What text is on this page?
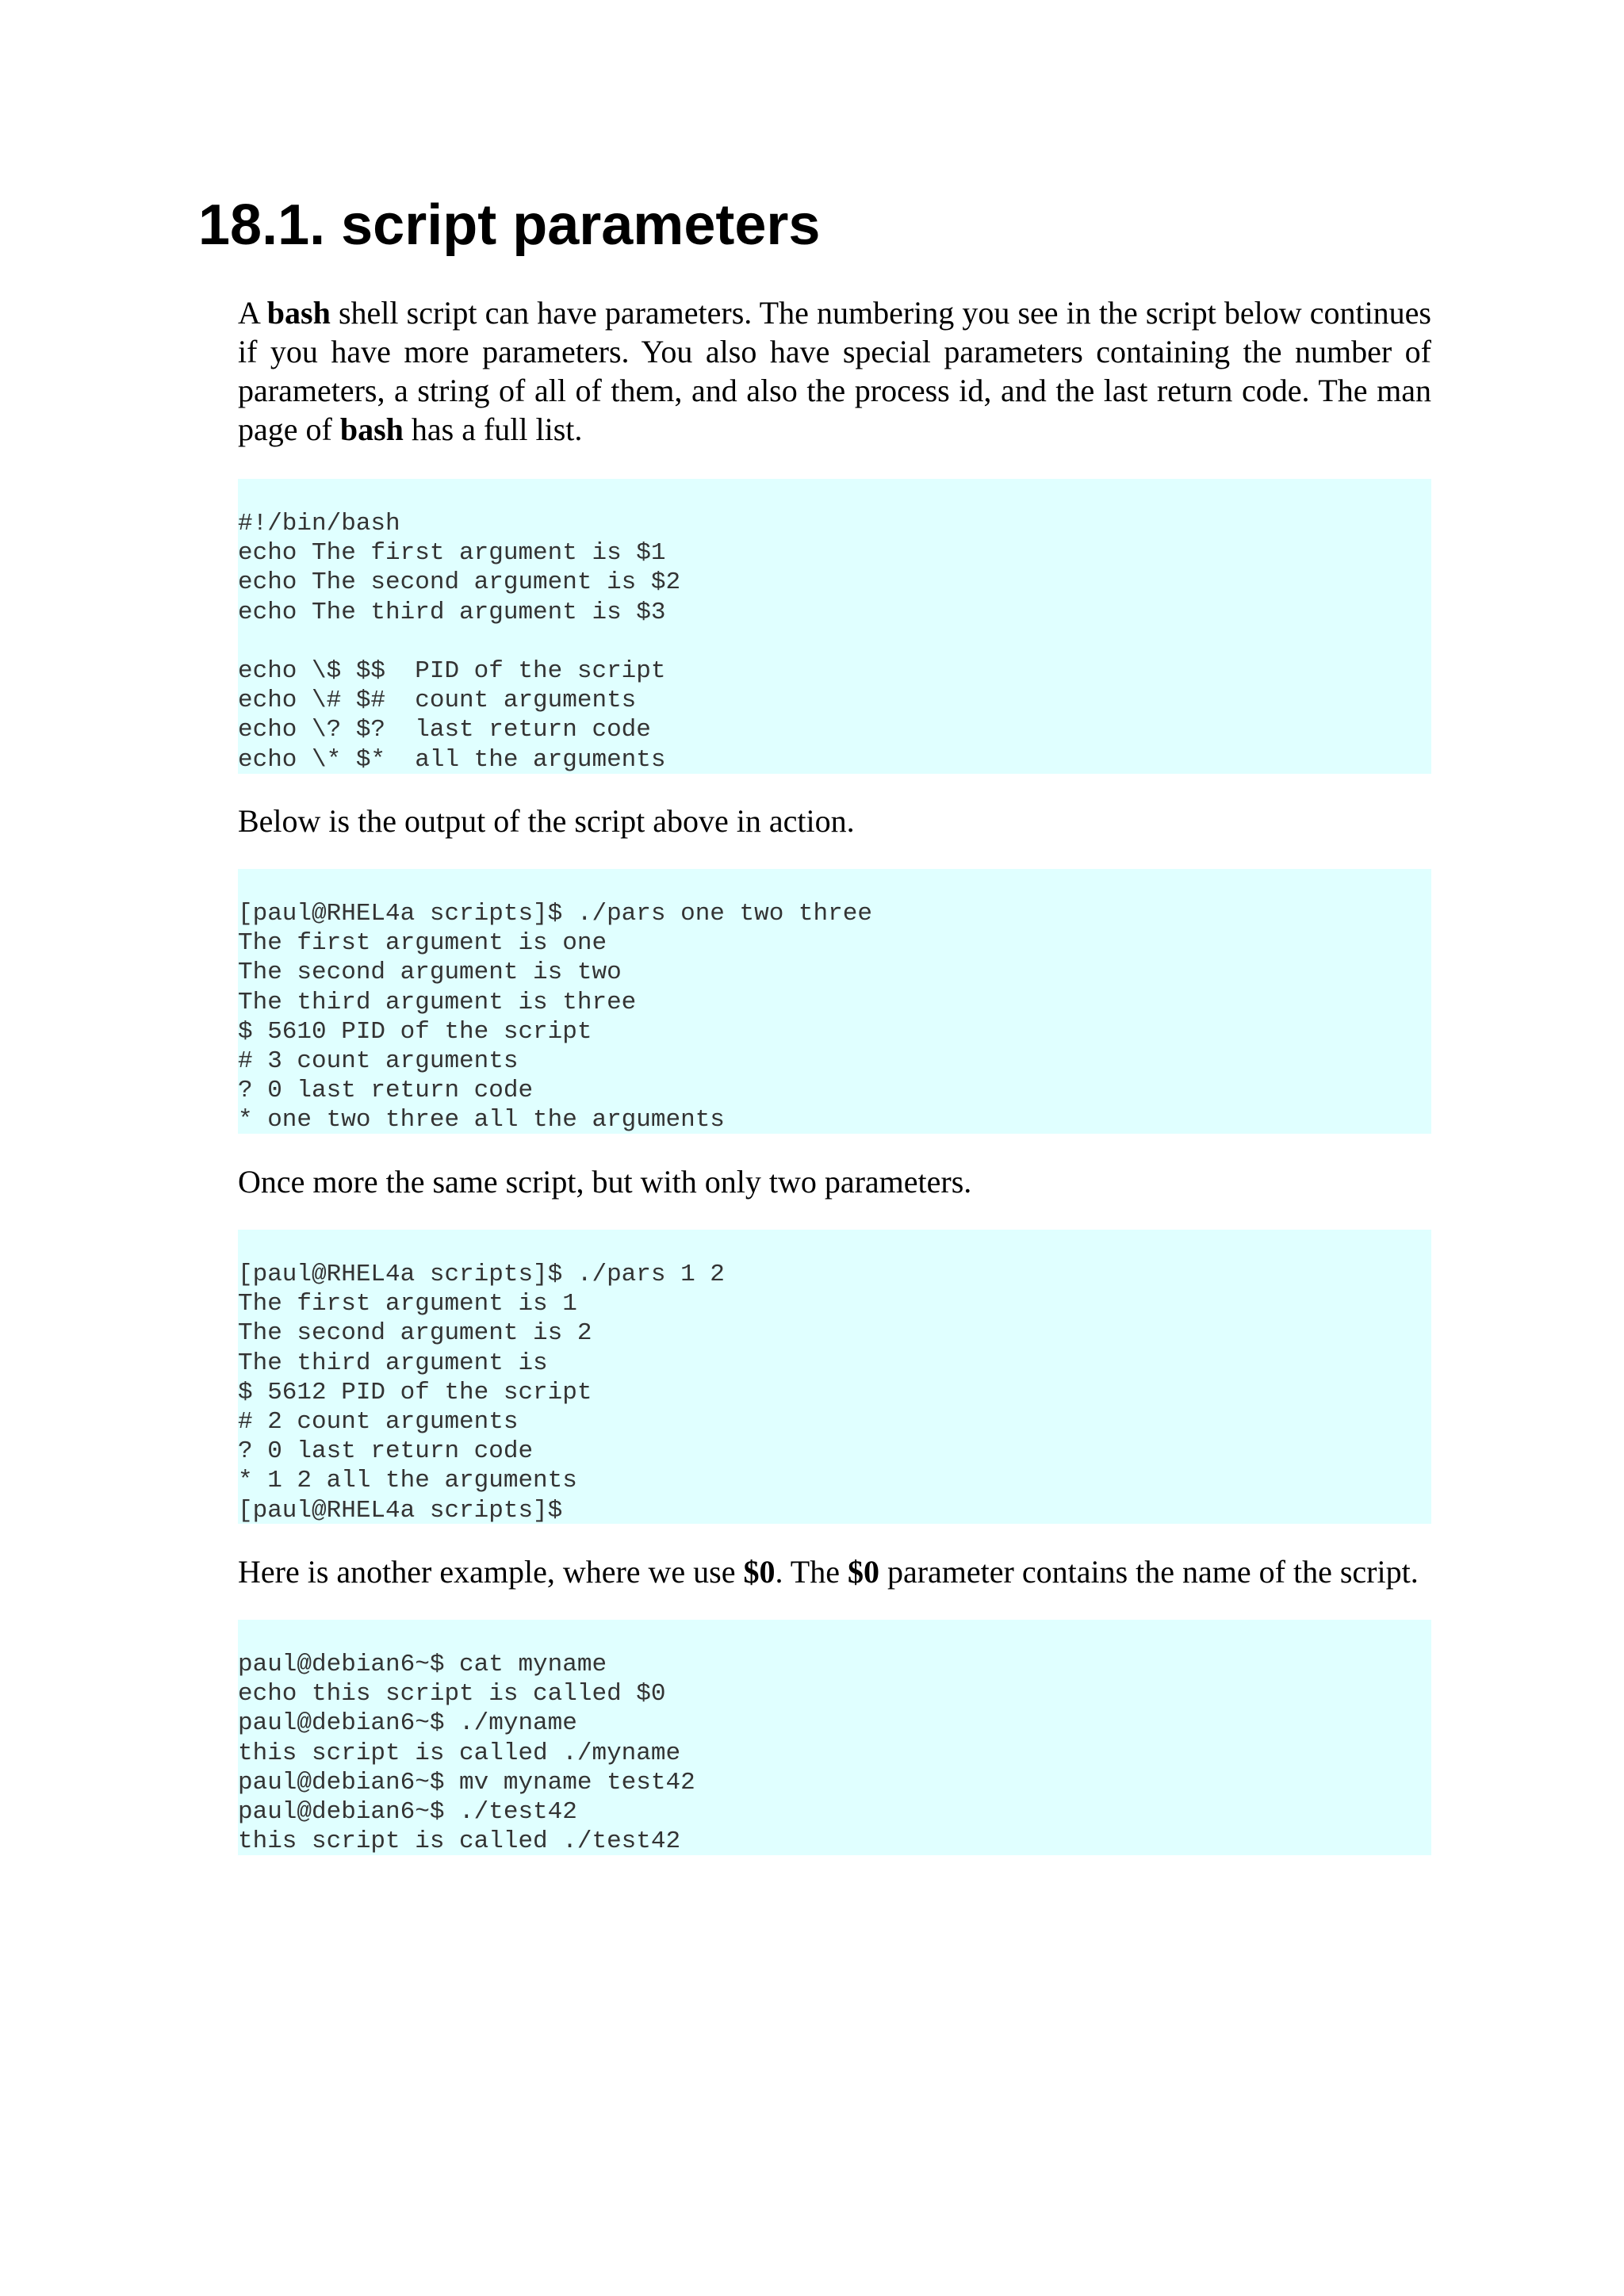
18.1. script parameters

A bash shell script can have parameters. The numbering you see in the script below continues if you have more parameters. You also have special parameters containing the number of parameters, a string of all of them, and also the process id, and the last return code. The man page of bash has a full list.

#!/bin/bash
echo The first argument is $1
echo The second argument is $2
echo The third argument is $3
echo \$ $$  PID of the script
echo \# $#  count arguments
echo \? $?  last return code
echo \* $*  all the arguments

Below is the output of the script above in action.

[paul@RHEL4a scripts]$ ./pars one two three
The first argument is one
The second argument is two
The third argument is three
$ 5610 PID of the script
# 3 count arguments
? 0 last return code
* one two three all the arguments

Once more the same script, but with only two parameters.

[paul@RHEL4a scripts]$ ./pars 1 2
The first argument is 1
The second argument is 2
The third argument is
$ 5612 PID of the script
# 2 count arguments
? 0 last return code
* 1 2 all the arguments
[paul@RHEL4a scripts]$

Here is another example, where we use $0. The $0 parameter contains the name of the script.

paul@debian6~$ cat myname
echo this script is called $0
paul@debian6~$ ./myname
this script is called ./myname
paul@debian6~$ mv myname test42
paul@debian6~$ ./test42
this script is called ./test42
